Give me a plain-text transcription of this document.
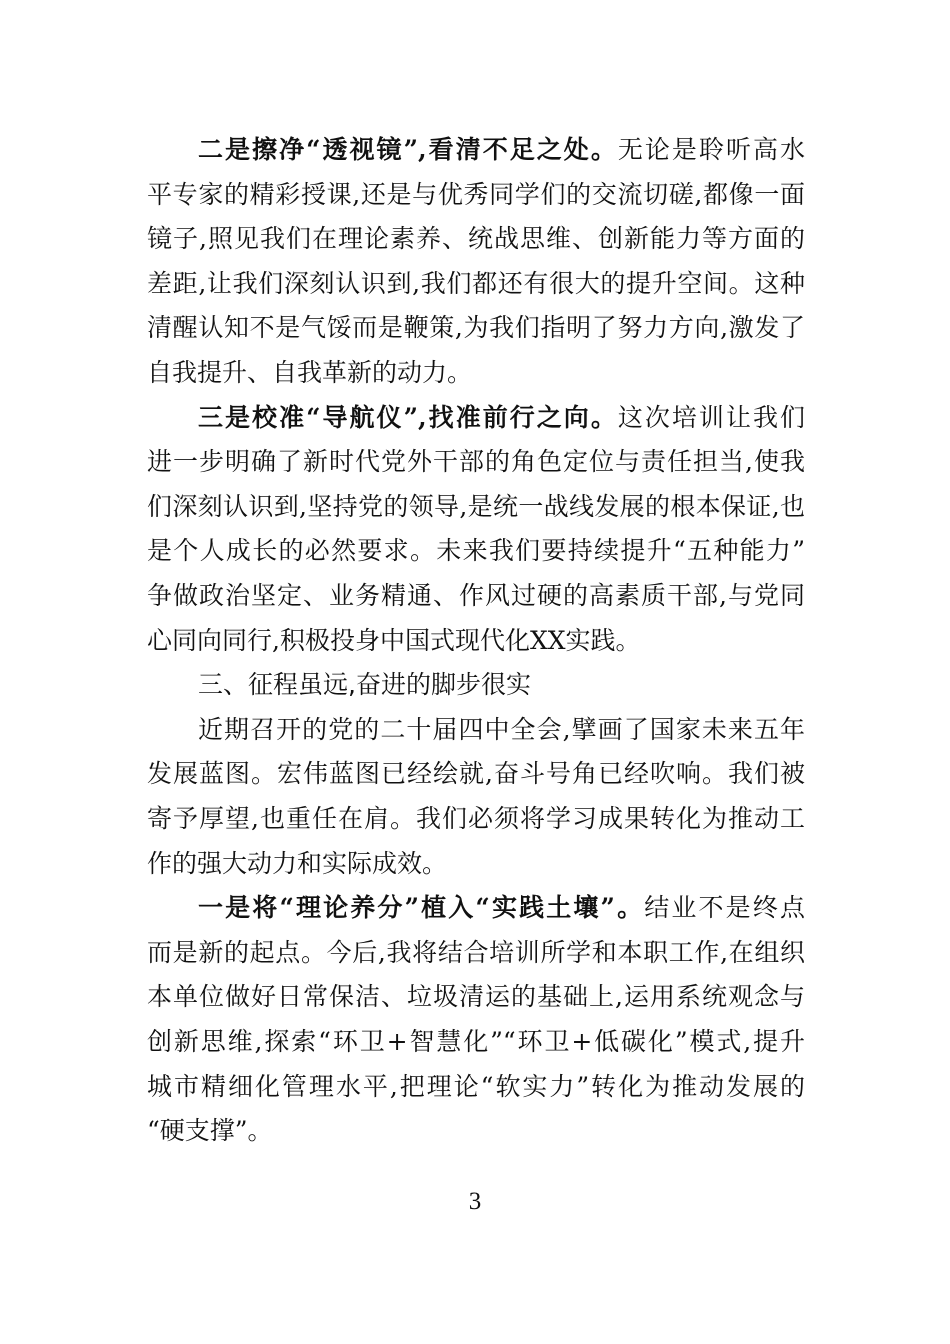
二是擦净“透视镜”,看清不足之处。无论是聆听高水
平专家的精彩授课,还是与优秀同学们的交流切磋,都像一面
镜子,照见我们在理论素养、统战思维、创新能力等方面的
差距,让我们深刻认识到,我们都还有很大的提升空间。这种
清醒认知不是气馁而是鞭策,为我们指明了努力方向,激发了
自我提升、自我革新的动力。
三是校准“导航仪”,找准前行之向。这次培训让我们
进一步明确了新时代党外干部的角色定位与责任担当,使我
们深刻认识到,坚持党的领导,是统一战线发展的根本保证,也
是个人成长的必然要求。未来我们要持续提升“五种能力”
争做政治坚定、业务精通、作风过硬的高素质干部,与党同
心同向同行,积极投身中国式现代化XX实践。
三、征程虽远,奋进的脚步很实
近期召开的党的二十届四中全会,擘画了国家未来五年
发展蓝图。宏伟蓝图已经绘就,奋斗号角已经吹响。我们被
寄予厚望,也重任在肩。我们必须将学习成果转化为推动工
作的强大动力和实际成效。
一是将“理论养分”植入“实践土壤”。结业不是终点
而是新的起点。今后,我将结合培训所学和本职工作,在组织
本单位做好日常保洁、垃圾清运的基础上,运用系统观念与
创新思维,探索“环卫+智慧化”“环卫+低碳化”模式,提升
城市精细化管理水平,把理论“软实力”转化为推动发展的
“硬支撑”。
3
